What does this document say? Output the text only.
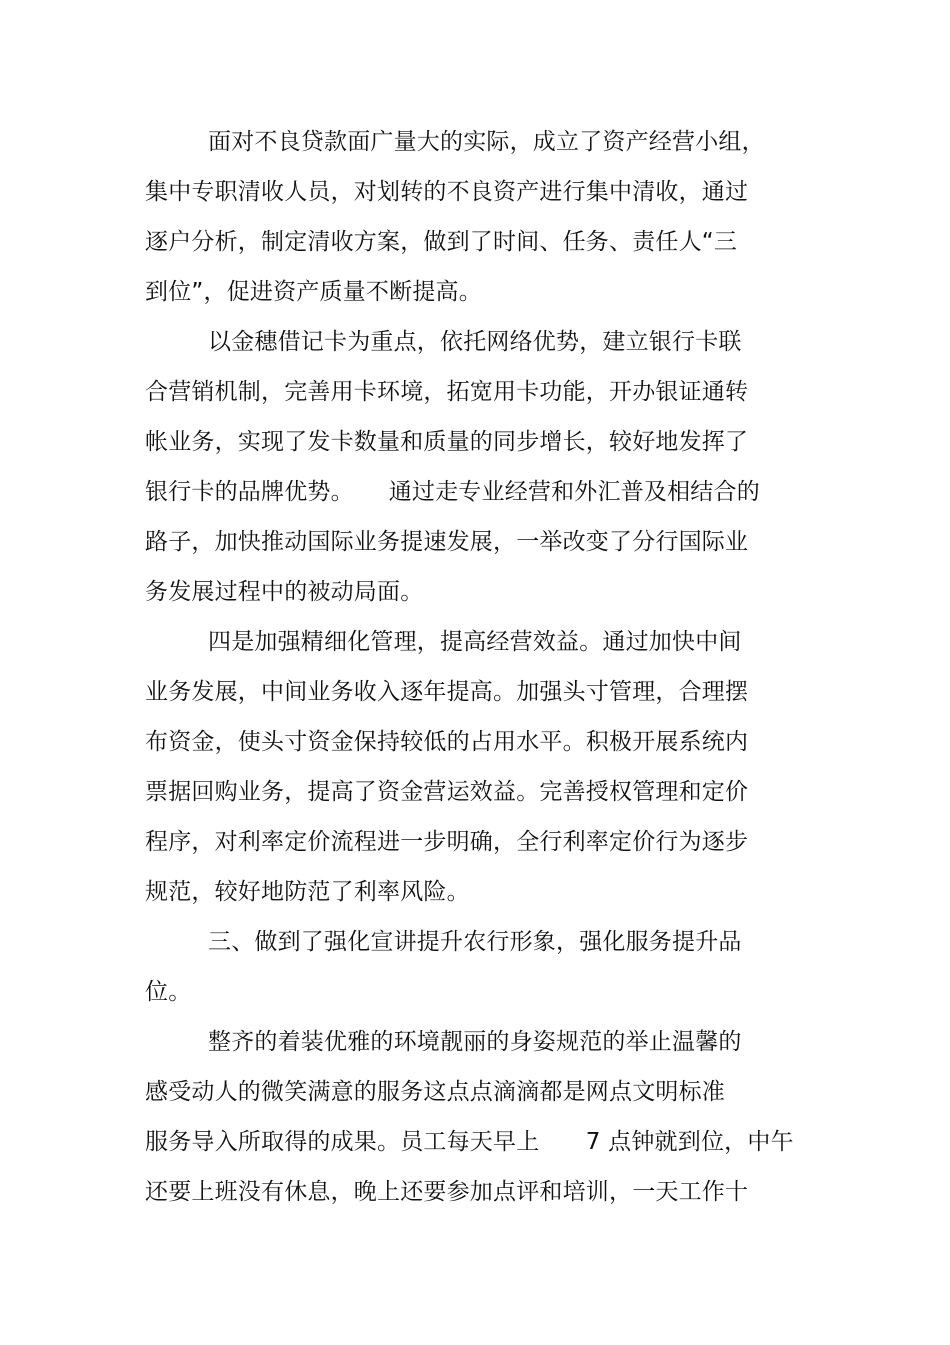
面对不良贷款面广量大的实际，成立了资产经营小组，
集中专职清收人员，对划转的不良资产进行集中清收，通过
逐户分析，制定清收方案，做到了时间、任务、责任人“三
到位”，促进资产质量不断提高。
以金穗借记卡为重点，依托网络优势，建立银行卡联
合营销机制，完善用卡环境，拓宽用卡功能，开办银证通转
帐业务，实现了发卡数量和质量的同步增长，较好地发挥了
银行卡的品牌优势。　　通过走专业经营和外汇普及相结合的
路子，加快推动国际业务提速发展，一举改变了分行国际业
务发展过程中的被动局面。
四是加强精细化管理，提高经营效益。通过加快中间
业务发展，中间业务收入逐年提高。加强头寸管理，合理摆
布资金，使头寸资金保持较低的占用水平。积极开展系统内
票据回购业务，提高了资金营运效益。完善授权管理和定价
程序，对利率定价流程进一步明确，全行利率定价行为逐步
规范，较好地防范了利率风险。
三、做到了强化宣讲提升农行形象，强化服务提升品
位。
整齐的着装优雅的环境靓丽的身姿规范的举止温馨的
感受动人的微笑满意的服务这点点滴滴都是网点文明标准
服务导入所取得的成果。员工每天早上　　7 点钟就到位，中午
还要上班没有休息，晚上还要参加点评和培训，一天工作十
